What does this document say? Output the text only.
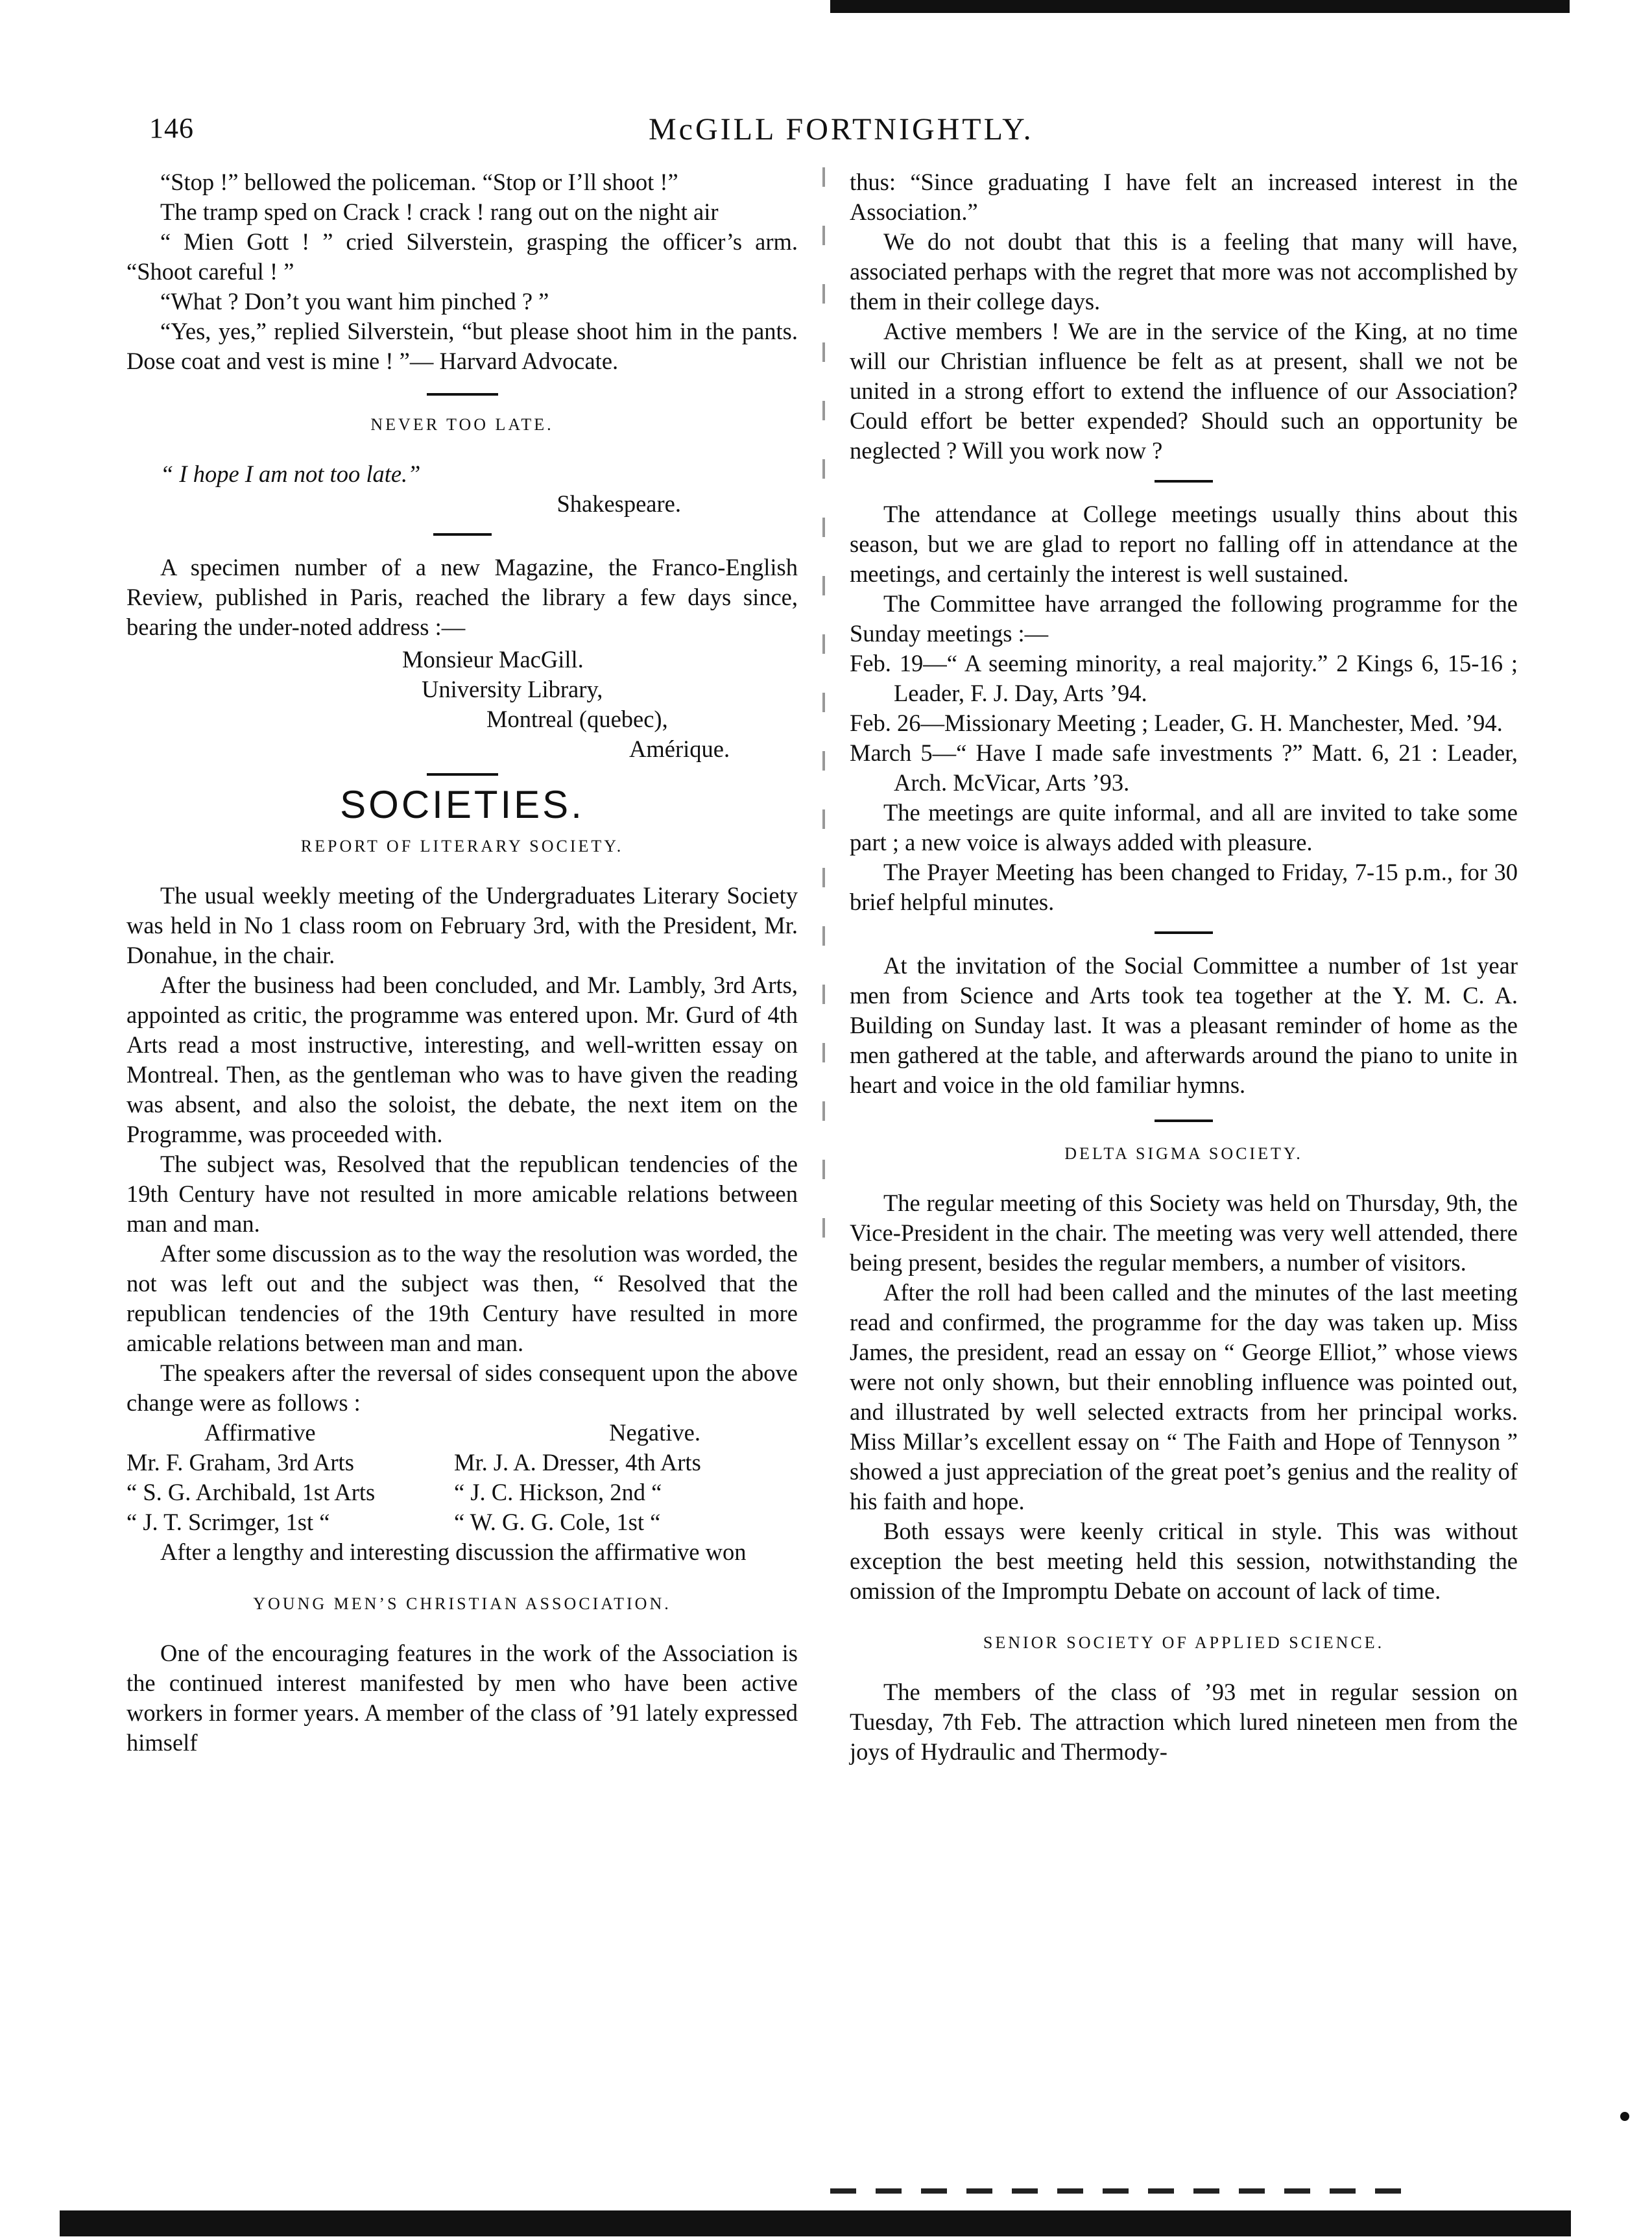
146	McGILL FORTNIGHTLY.

“Stop !” bellowed the policeman. “Stop or I’ll shoot !”

The tramp sped on Crack ! crack ! rang out on the night air

“ Mien Gott ! ” cried Silverstein, grasping the officer’s arm. “Shoot careful ! ”

“What ? Don’t you want him pinched ? ”

“Yes, yes,” replied Silverstein, “but please shoot him in the pants. Dose coat and vest is mine ! ”— Harvard Advocate.

NEVER TOO LATE.

“ I hope I am not too late.”

Shakespeare.

A specimen number of a new Magazine, the Franco-English Review, published in Paris, reached the library a few days since, bearing the under-noted address :—

Monsieur MacGill.
University Library,
Montreal (quebec),
Amérique.
SOCIETIES.
REPORT OF LITERARY SOCIETY.

The usual weekly meeting of the Undergraduates Literary Society was held in No 1 class room on February 3rd, with the President, Mr. Donahue, in the chair.

After the business had been concluded, and Mr. Lambly, 3rd Arts, appointed as critic, the programme was entered upon. Mr. Gurd of 4th Arts read a most instructive, interesting, and well-written essay on Montreal. Then, as the gentleman who was to have given the reading was absent, and also the soloist, the debate, the next item on the Programme, was proceeded with.

The subject was, Resolved that the republican tendencies of the 19th Century have not resulted in more amicable relations between man and man.

After some discussion as to the way the resolution was worded, the not was left out and the subject was then, “ Resolved that the republican tendencies of the 19th Century have resulted in more amicable relations between man and man.

The speakers after the reversal of sides consequent upon the above change were as follows :

Affirmative	Negative.
Mr. F. Graham, 3rd Arts	Mr. J. A. Dresser, 4th Arts
“ S. G. Archibald, 1st Arts	“ J. C. Hickson, 2nd “
“ J. T. Scrimger, 1st “	“ W. G. G. Cole, 1st “

After a lengthy and interesting discussion the affirmative won

YOUNG MEN’S CHRISTIAN ASSOCIATION.

One of the encouraging features in the work of the Association is the continued interest manifested by men who have been active workers in former years. A member of the class of ’91 lately expressed himself

thus: “Since graduating I have felt an increased interest in the Association.”

We do not doubt that this is a feeling that many will have, associated perhaps with the regret that more was not accomplished by them in their college days.

Active members ! We are in the service of the King, at no time will our Christian influence be felt as at present, shall we not be united in a strong effort to extend the influence of our Association? Could effort be better expended? Should such an opportunity be neglected ? Will you work now ?

The attendance at College meetings usually thins about this season, but we are glad to report no falling off in attendance at the meetings, and certainly the interest is well sustained.

The Committee have arranged the following programme for the Sunday meetings :—

Feb. 19—“ A seeming minority, a real majority.” 2 Kings 6, 15-16 ; Leader, F. J. Day, Arts ’94.

Feb. 26—Missionary Meeting ; Leader, G. H. Manchester, Med. ’94.

March 5—“ Have I made safe investments ?” Matt. 6, 21 : Leader, Arch. McVicar, Arts ’93.

The meetings are quite informal, and all are invited to take some part ; a new voice is always added with pleasure.

The Prayer Meeting has been changed to Friday, 7-15 p.m., for 30 brief helpful minutes.

At the invitation of the Social Committee a number of 1st year men from Science and Arts took tea together at the Y. M. C. A. Building on Sunday last. It was a pleasant reminder of home as the men gathered at the table, and afterwards around the piano to unite in heart and voice in the old familiar hymns.

DELTA SIGMA SOCIETY.

The regular meeting of this Society was held on Thursday, 9th, the Vice-President in the chair. The meeting was very well attended, there being present, besides the regular members, a number of visitors.

After the roll had been called and the minutes of the last meeting read and confirmed, the programme for the day was taken up. Miss James, the president, read an essay on “ George Elliot,” whose views were not only shown, but their ennobling influence was pointed out, and illustrated by well selected extracts from her principal works. Miss Millar’s excellent essay on “ The Faith and Hope of Tennyson ” showed a just appreciation of the great poet’s genius and the reality of his faith and hope.

Both essays were keenly critical in style. This was without exception the best meeting held this session, notwithstanding the omission of the Impromptu Debate on account of lack of time.

SENIOR SOCIETY OF APPLIED SCIENCE.

The members of the class of ’93 met in regular session on Tuesday, 7th Feb. The attraction which lured nineteen men from the joys of Hydraulic and Thermody-
